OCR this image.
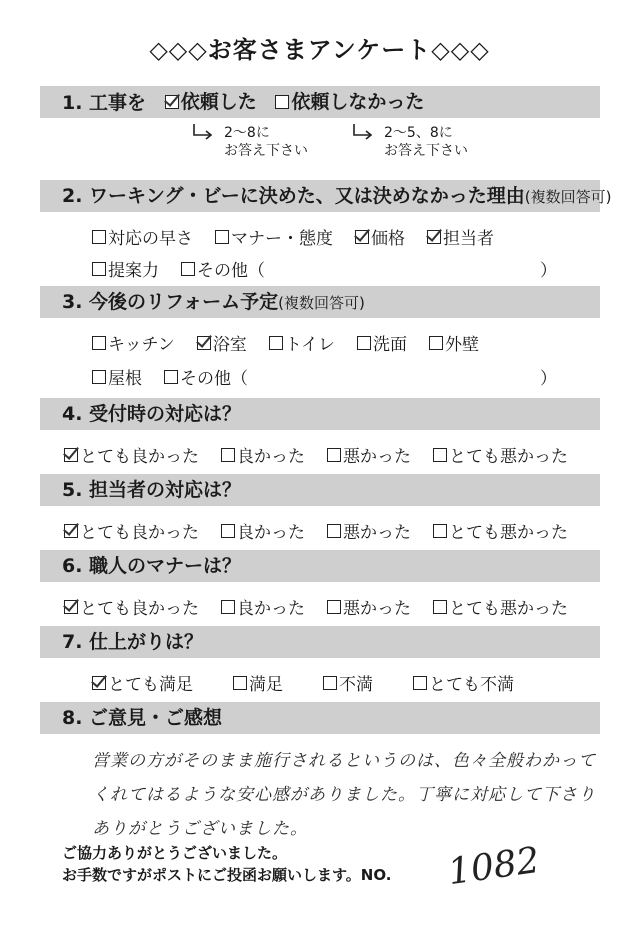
◇◇◇お客さまアンケート◇◇◇
1. 工事を 依頼した
依頼しなかった
2〜8に
お答え下さい
2〜5、8に
お答え下さい
2. ワーキング・ビーに決めた、又は決めなかった理由(複数回答可)
対応の早さ マナー・態度 価格 担当者
提案力 その他（	）
3. 今後のリフォーム予定(複数回答可)
キッチン 浴室 トイレ 洗面 外壁
屋根 その他（	）
4. 受付時の対応は？
とても良かった 良かった 悪かった とても悪かった
5. 担当者の対応は？
とても良かった 良かった 悪かった とても悪かった
6. 職人のマナーは？
とても良かった 良かった 悪かった とても悪かった
7. 仕上がりは？
とても満足	満足	不満	とても不満
8. ご意見・ご感想
営業の方がそのまま施行されるというのは、色々全般わかって
くれてはるような安心感がありました。丁寧に対応して下さり
ありがとうございました。
ご協力ありがとうございました。
お手数ですがポストにご投函お願いします。NO. 1082
